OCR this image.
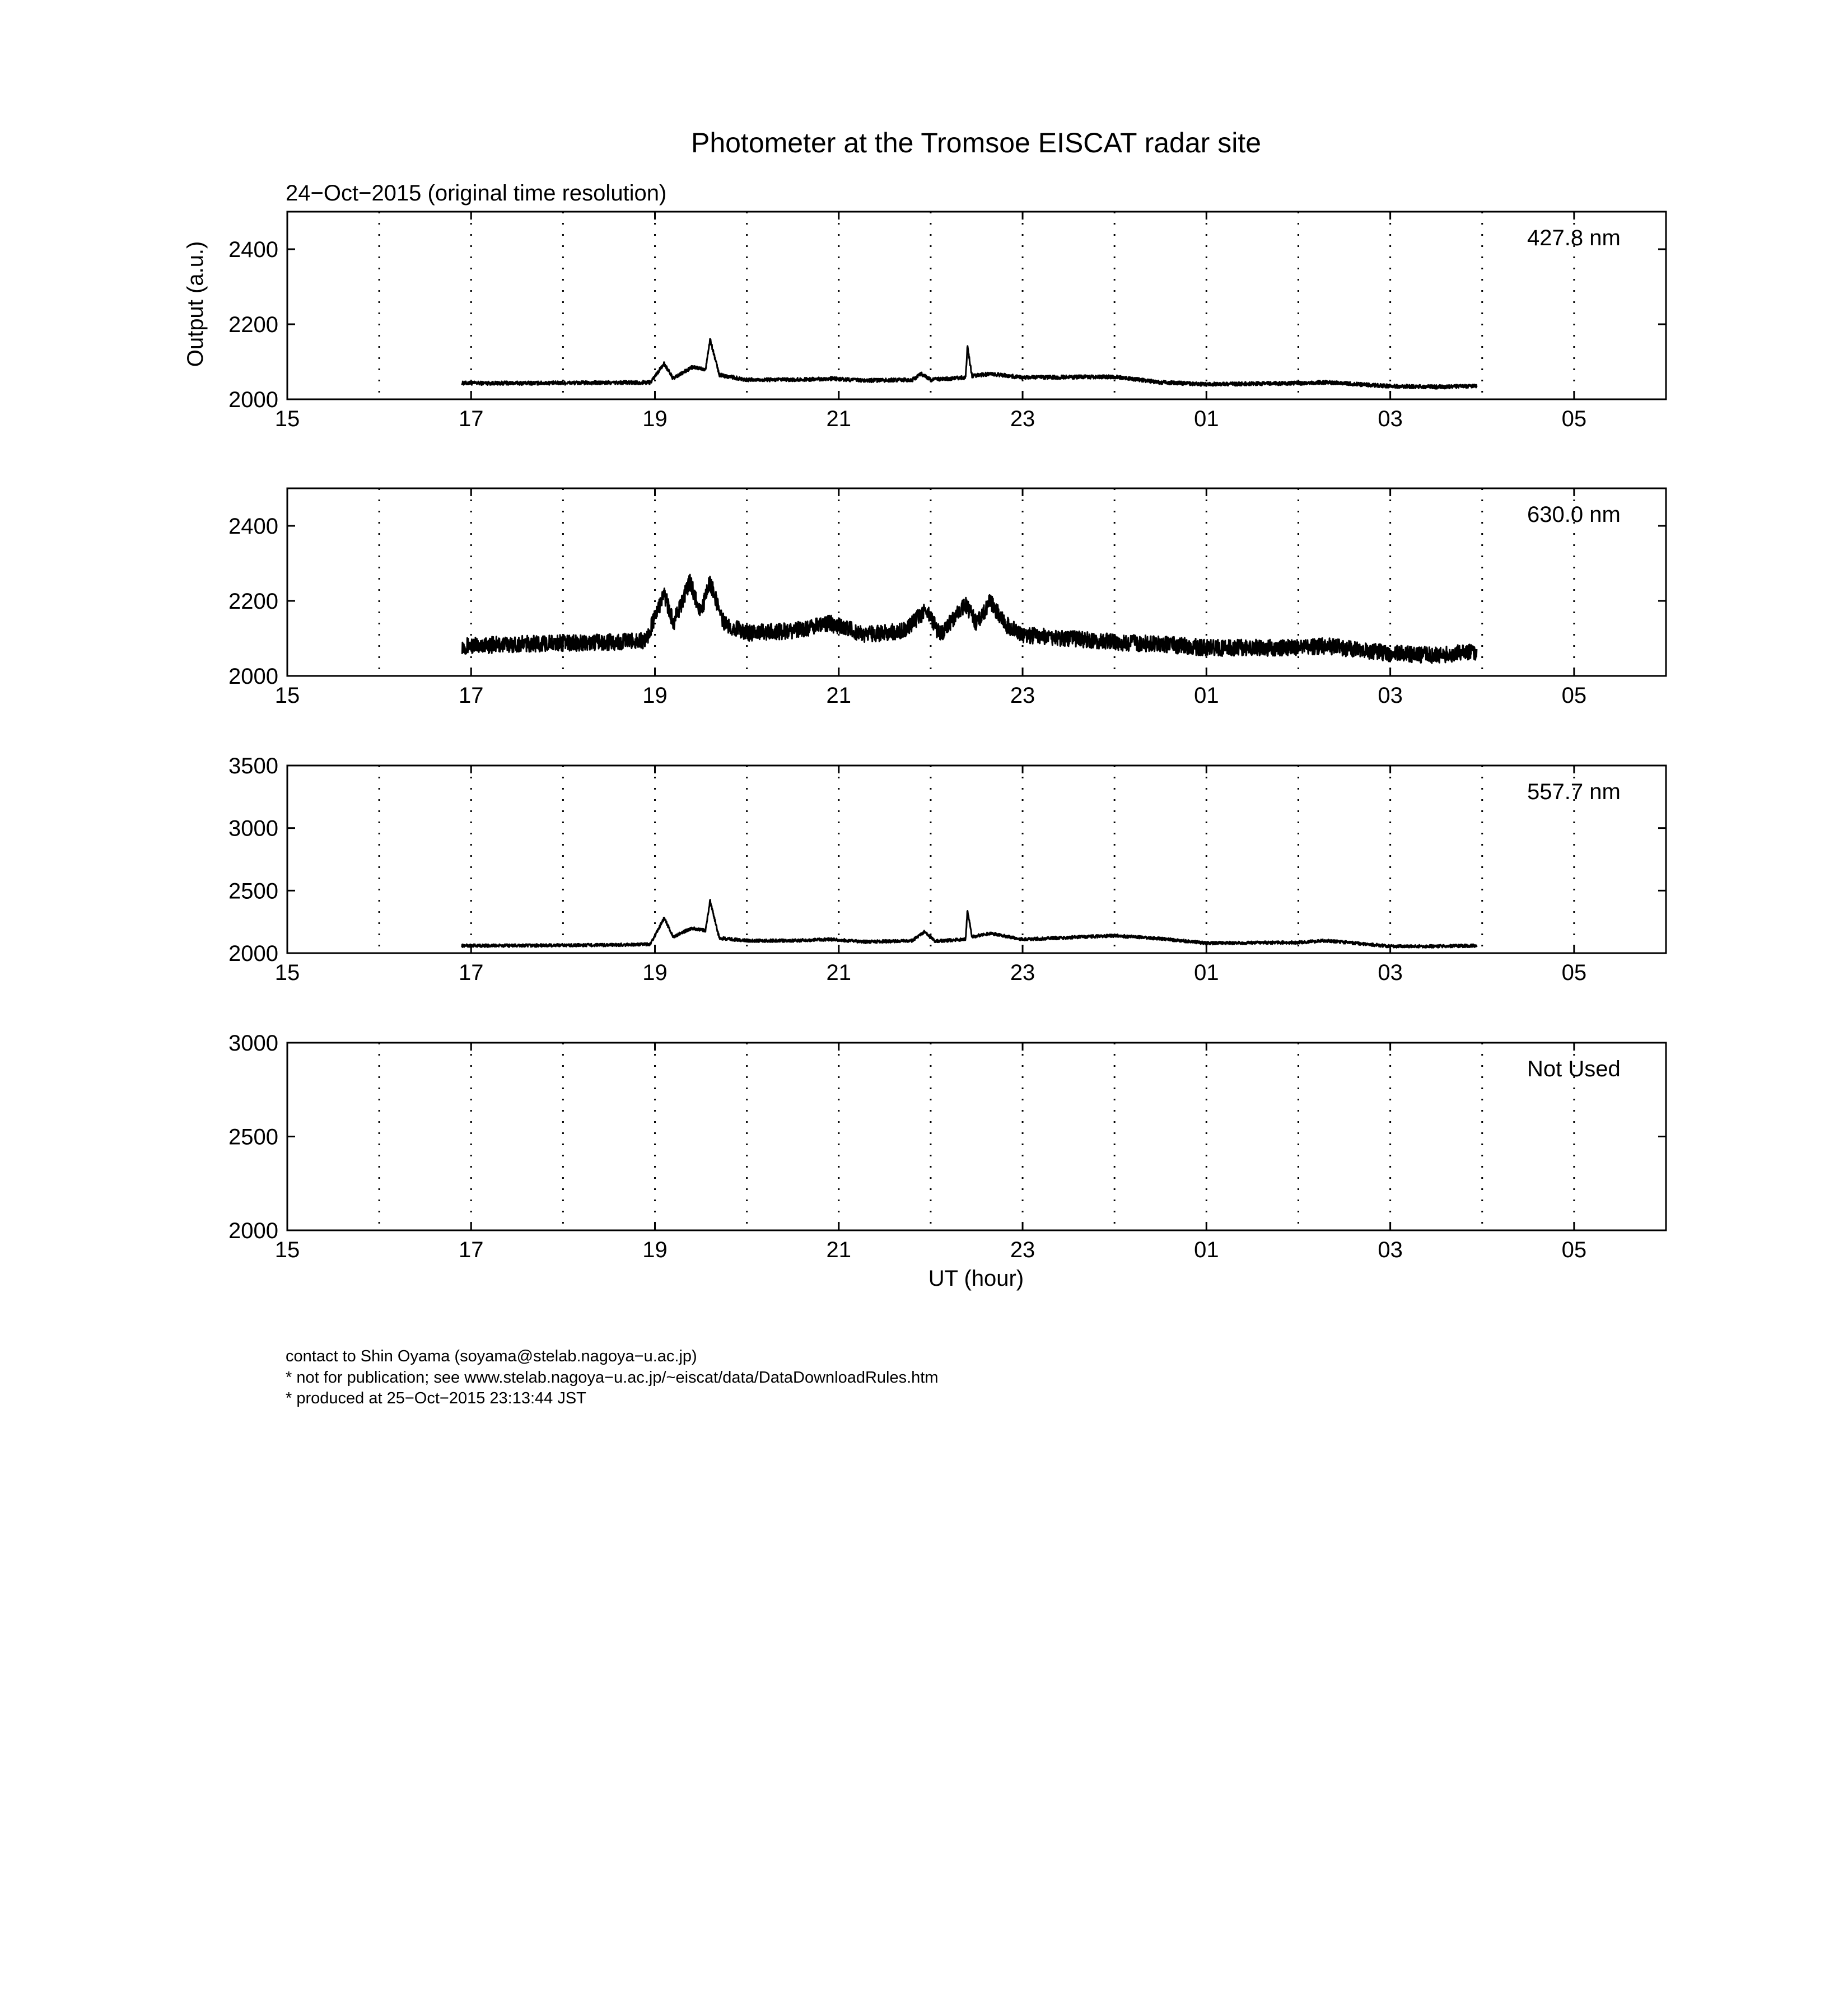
Photometer at the Tromsoe EISCAT radar site
24−Oct−2015 (original time resolution)
Output (a.u.)
UT (hour)
contact to Shin Oyama (soyama@stelab.nagoya−u.ac.jp)
* not for publication; see www.stelab.nagoya−u.ac.jp/~eiscat/data/DataDownloadRules.htm
* produced at 25−Oct−2015 23:13:44 JST
15	17	19	21	23	01	03	05
2000
2200
2400	427.8 nm
15	17	19	21	23	01	03	05
2000
2200
2400	630.0 nm
15	17	19	21	23	01	03	05
2000
2500
3000
3500
557.7 nm
15	17	19	21	23	01	03	05
2000
2500
3000
Not Used
